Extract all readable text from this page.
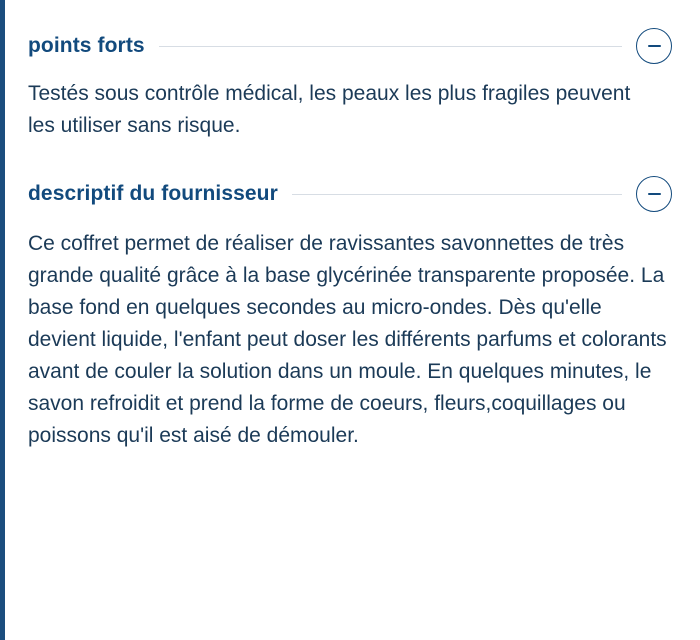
points forts

Testés sous contrôle médical, les peaux les plus fragiles peuvent les utiliser sans risque.

descriptif du fournisseur

Ce coffret permet de réaliser de ravissantes savonnettes de très grande qualité grâce à la base glycérinée transparente proposée. La base fond en quelques secondes au micro-ondes. Dès qu'elle devient liquide, l'enfant peut doser les différents parfums et colorants avant de couler la solution dans un moule. En quelques minutes, le savon refroidit et prend la forme de coeurs, fleurs,coquillages ou poissons qu'il est aisé de démouler.
